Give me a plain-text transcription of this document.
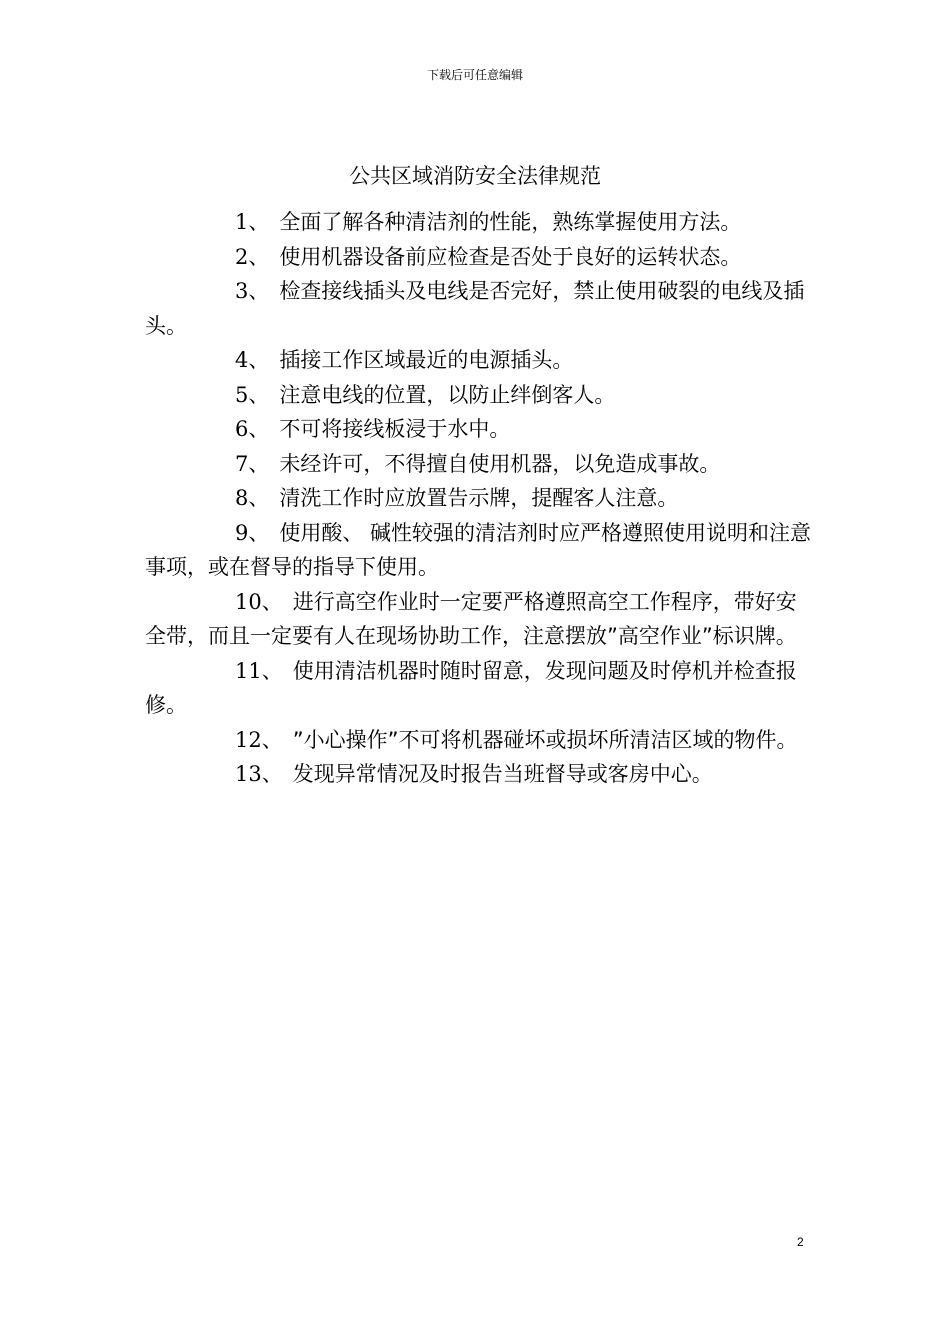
下载后可任意编辑
公共区域消防安全法律规范

1、 全面了解各种清洁剂的性能，熟练掌握使用方法。

2、 使用机器设备前应检查是否处于良好的运转状态。

3、 检查接线插头及电线是否完好，禁止使用破裂的电线及插头。

4、 插接工作区域最近的电源插头。

5、 注意电线的位置，以防止绊倒客人。

6、 不可将接线板浸于水中。

7、 未经许可，不得擅自使用机器，以免造成事故。

8、 清洗工作时应放置告示牌，提醒客人注意。

9、 使用酸、 碱性较强的清洁剂时应严格遵照使用说明和注意事项，或在督导的指导下使用。

10、 进行高空作业时一定要严格遵照高空工作程序，带好安全带，而且一定要有人在现场协助工作，注意摆放”高空作业”标识牌。

11、 使用清洁机器时随时留意，发现问题及时停机并检查报修。

12、 ”小心操作”不可将机器碰坏或损坏所清洁区域的物件。

13、 发现异常情况及时报告当班督导或客房中心。

2
